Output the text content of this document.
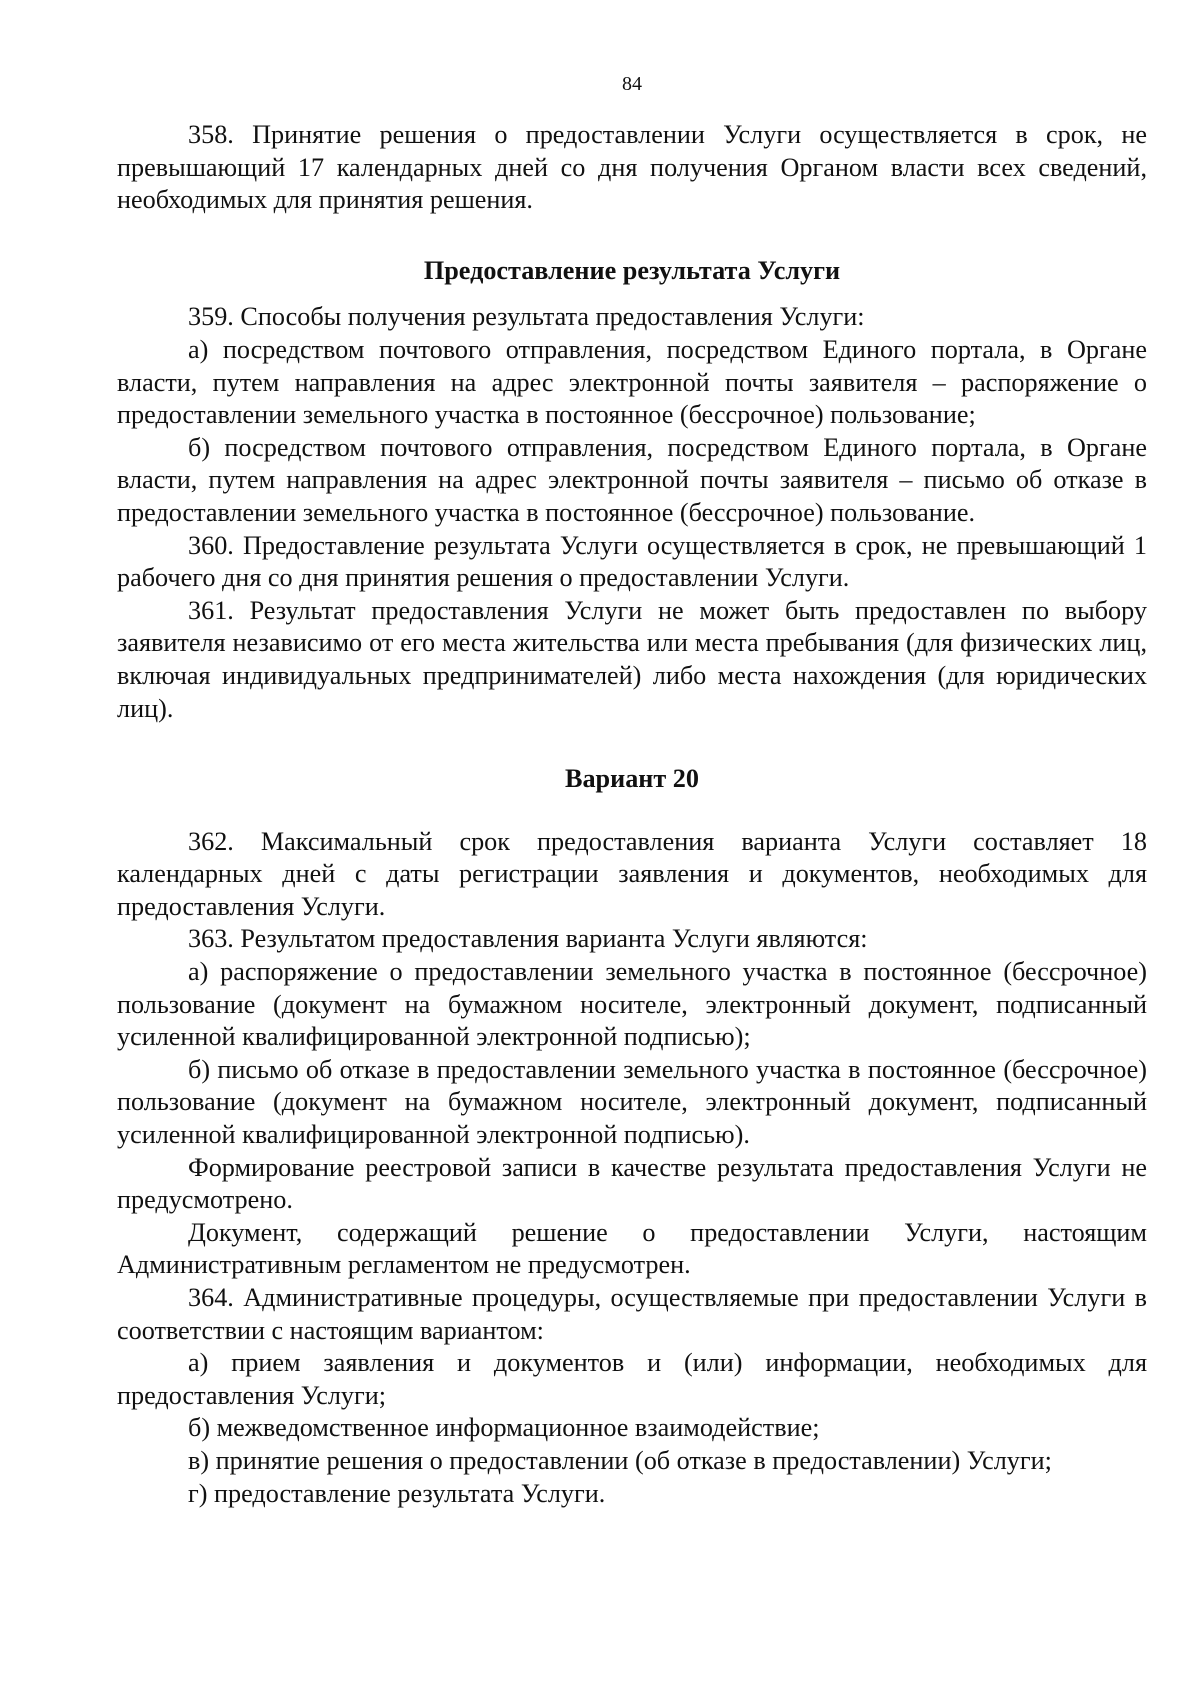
84

358. Принятие решения о предоставлении Услуги осуществляется в срок, не превышающий 17 календарных дней со дня получения Органом власти всех сведений, необходимых для принятия решения.

Предоставление результата Услуги

359. Способы получения результата предоставления Услуги:

а) посредством почтового отправления, посредством Единого портала, в Органе власти, путем направления на адрес электронной почты заявителя – распоряжение о предоставлении земельного участка в постоянное (бессрочное) пользование;

б) посредством почтового отправления, посредством Единого портала, в Органе власти, путем направления на адрес электронной почты заявителя – письмо об отказе в предоставлении земельного участка в постоянное (бессрочное) пользование.

360. Предоставление результата Услуги осуществляется в срок, не превышающий 1 рабочего дня со дня принятия решения о предоставлении Услуги.

361. Результат предоставления Услуги не может быть предоставлен по выбору заявителя независимо от его места жительства или места пребывания (для физических лиц, включая индивидуальных предпринимателей) либо места нахождения (для юридических лиц).

Вариант 20

362. Максимальный срок предоставления варианта Услуги составляет 18 календарных дней с даты регистрации заявления и документов, необходимых для предоставления Услуги.

363. Результатом предоставления варианта Услуги являются:

а) распоряжение о предоставлении земельного участка в постоянное (бессрочное) пользование (документ на бумажном носителе, электронный документ, подписанный усиленной квалифицированной электронной подписью);

б) письмо об отказе в предоставлении земельного участка в постоянное (бессрочное) пользование (документ на бумажном носителе, электронный документ, подписанный усиленной квалифицированной электронной подписью).

Формирование реестровой записи в качестве результата предоставления Услуги не предусмотрено.

Документ, содержащий решение о предоставлении Услуги, настоящим Административным регламентом не предусмотрен.

364. Административные процедуры, осуществляемые при предоставлении Услуги в соответствии с настоящим вариантом:

а) прием заявления и документов и (или) информации, необходимых для предоставления Услуги;

б) межведомственное информационное взаимодействие;

в) принятие решения о предоставлении (об отказе в предоставлении) Услуги;

г) предоставление результата Услуги.
